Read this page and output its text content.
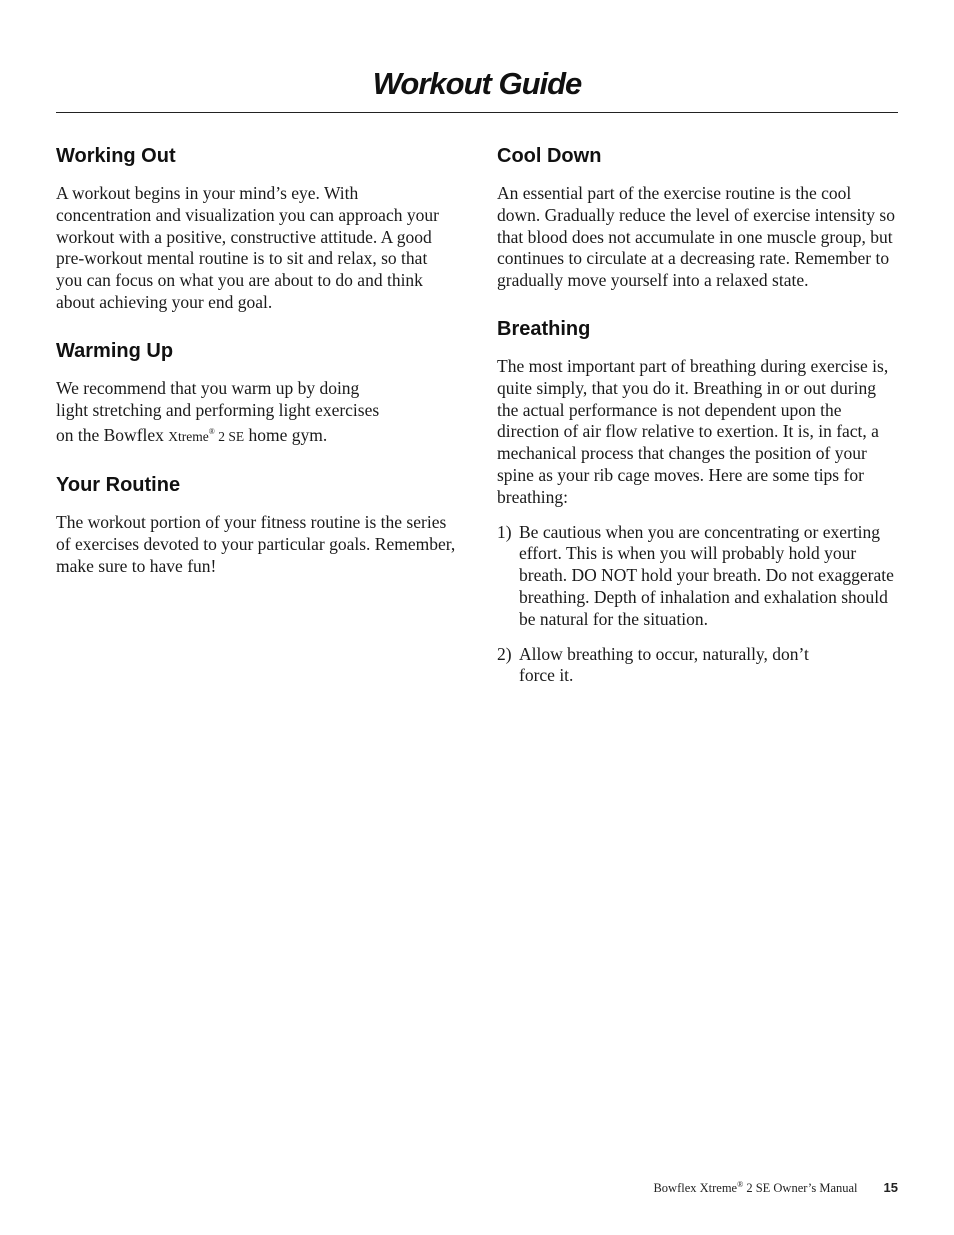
Workout Guide
Working Out

A workout begins in your mind’s eye. With concentration and visualization you can approach your workout with a positive, constructive attitude. A good pre-workout mental routine is to sit and relax, so that you can focus on what you are about to do and think about achieving your end goal.

Warming Up

We recommend that you warm up by doing
light stretching and performing light exercises
on the Bowflex Xtreme® 2 SE home gym.

Your Routine

The workout portion of your fitness routine is the series of exercises devoted to your particular goals. Remember, make sure to have fun!

Cool Down

An essential part of the exercise routine is the cool down. Gradually reduce the level of exercise intensity so that blood does not accumulate in one muscle group, but continues to circulate at a decreasing rate. Remember to gradually move yourself into a relaxed state.

Breathing

The most important part of breathing during exercise is, quite simply, that you do it. Breathing in or out during the actual performance is not dependent upon the direction of air flow relative to exertion. It is, in fact, a mechanical process that changes the position of your spine as your rib cage moves. Here are some tips for breathing:

1) Be cautious when you are concentrating or exerting effort. This is when you will probably hold your breath. DO NOT hold your breath. Do not exaggerate breathing. Depth of inhalation and exhalation should be natural for the situation.
2) Allow breathing to occur, naturally, don’t force it.
Bowflex Xtreme® 2 SE Owner’s Manual 15
